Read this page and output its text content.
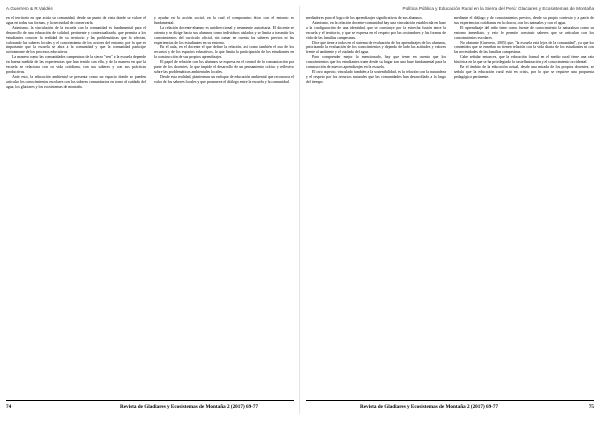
A.Guerrero & R.Valdés

en el territorio en que actúa su comunidad, desde un punto de vista donde se valore el agua en todas sus formas, y la necesidad de conservarla.

Asimismo, la vinculación de la escuela con la comunidad es fundamental para el desarrollo de una educación de calidad, pertinente y contextualizada, que permita a los estudiantes conocer la realidad de su territorio y las problemáticas que lo afectan, valorando los saberes locales y el conocimiento de los actores del entorno; por lo que es importante que la escuela se abra a la comunidad y que la comunidad participe activamente de los procesos educativos.

La manera como las comunidades campesinas de la sierra "ven" a la escuela depende en buena medida de las experiencias que han tenido con ella, y de la manera en que la escuela se relaciona con su vida cotidiana, con sus saberes y con sus prácticas productivas.

Ante esto, la educación ambiental se presenta como un espacio donde se pueden articular los conocimientos escolares con los saberes comunitarios en torno al cuidado del agua, los glaciares y los ecosistemas de montaña.

y ayudar en la acción social, en la cual el compromiso ético con el entorno es fundamental.

La relación docente-alumno es unidireccional y netamente autoritaria. El docente se orienta y se dirige hacia sus alumnos como individuos aislados y se limita a trasmitir los conocimientos del currículo oficial, sin tomar en cuenta los saberes previos ni las experiencias de los estudiantes en su entorno.

En el aula, en el docente el que define la relación, así como también el uso de los recursos y de los espacios educativos, lo que limita la participación de los estudiantes en la construcción de sus propios aprendizajes.

El papel de relación con los alumnos se expresa en el control de la comunicación por parte de los docentes, lo que impide el desarrollo de un pensamiento crítico y reflexivo sobre las problemáticas ambientales locales.

Desde esta realidad, planteamos un enfoque de educación ambiental que reconozca el valor de los saberes locales y que promueva el diálogo entre la escuela y la comunidad.

74	Revista de Gladiares y Ecosistemas de Montaña 2 (2017) 69-77
Política Pública y Educación Rural en la Sierra del Perú: Glaciares y Ecosistemas de Montaña

mediadores para el logro de los aprendizajes significativos de sus alumnos.

Asimismo, en la relación docente-comunidad hay una vinculación establecida en base a la configuración de una identidad, que se construye por la estrecha fusión entre la escuela y el territorio, y que se expresa en el respeto por las costumbres y las formas de vida de las familias campesinas.

Dice que tiene a todos en el sistema de evaluación de los aprendizajes de los alumnos, priorizando la evaluación de los conocimientos y dejando de lado las actitudes y valores frente al ambiente y el cuidado del agua.

Para comprender mejor lo mencionado, hay que tener en cuenta que los conocimientos que los estudiantes traen desde su hogar son una base fundamental para la construcción de nuevos aprendizajes en la escuela.

El otro aspecto, vinculado también a la sostenibilidad, es la relación con la naturaleza y el respeto por los recursos naturales que las comunidades han desarrollado a lo largo del tiempo.

mediante el diálogo y de conocimientos previos, desde su propio contexto y a partir de sus experiencias cotidianas en la chacra, con los animales y con el agua.

El aprendizaje del niño tiene como fuente de conocimiento la naturaleza como su entorno inmediato, y esto le permite construir saberes que se articulan con los conocimientos escolares.

No obstante (Guerrero, 2005) que, "la escuela está lejos de la comunidad", ya que los contenidos que se enseñan no tienen relación con la vida diaria de los estudiantes ni con las necesidades de las familias campesinas.

Cabe señalar entonces, que la educación formal en el medio rural tiene una raíz histórica en la que se ha privilegiado la castellanización y el conocimiento occidental.

En el ámbito de la educación actual, desde una mirada de los propios docentes, se señala que la educación rural está en crisis, por lo que se requiere una propuesta pedagógica pertinente.

Revista de Gladiares y Ecosistemas de Montaña 2 (2017) 69-77	75
